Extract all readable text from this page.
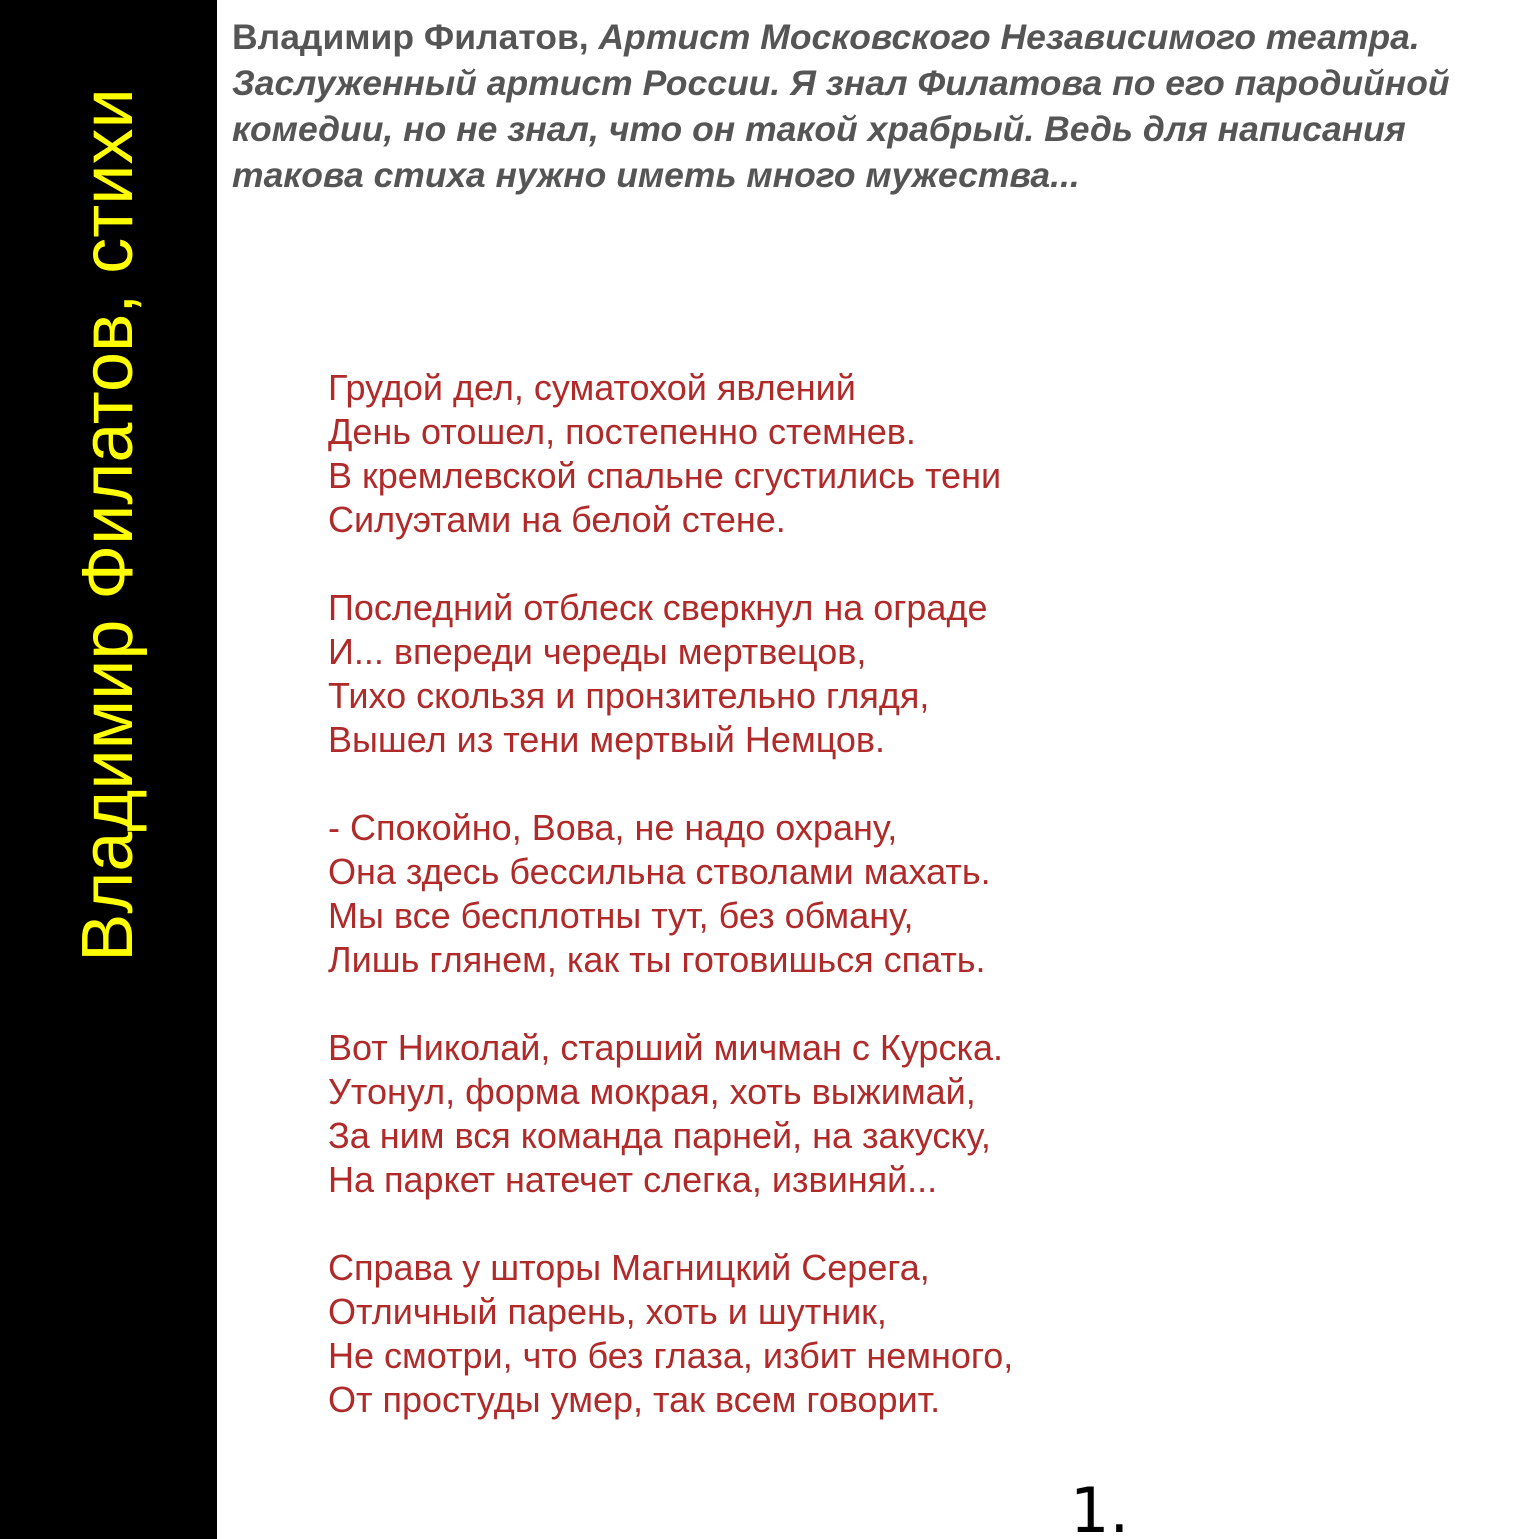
Владимир Филатов, стихи
Владимир Филатов, Артист Московского Независимого театра. Заслуженный артист России. Я знал Филатова по его пародийной комедии, но не знал, что он такой храбрый. Ведь для написания такова стиха нужно иметь много мужества...
Грудой дел, суматохой явлений
День отошел, постепенно стемнев.
В кремлевской спальне сгустились тени
Силуэтами на белой стене.
Последний отблеск сверкнул на ограде
И... впереди череды мертвецов,
Тихо скользя и пронзительно глядя,
Вышел из тени мертвый Немцов.
- Спокойно, Вова, не надо охрану,
Она здесь бессильна стволами махать.
Мы все бесплотны тут, без обману,
Лишь глянем, как ты готовишься спать.
Вот Николай, старший мичман с Курска.
Утонул, форма мокрая, хоть выжимай,
За ним вся команда парней, на закуску,
На паркет натечет слегка, извиняй...
Справа у шторы Магницкий Серега,
Отличный парень, хоть и шутник,
Не смотри, что без глаза, избит немного,
От простуды умер, так всем говорит.
1.
